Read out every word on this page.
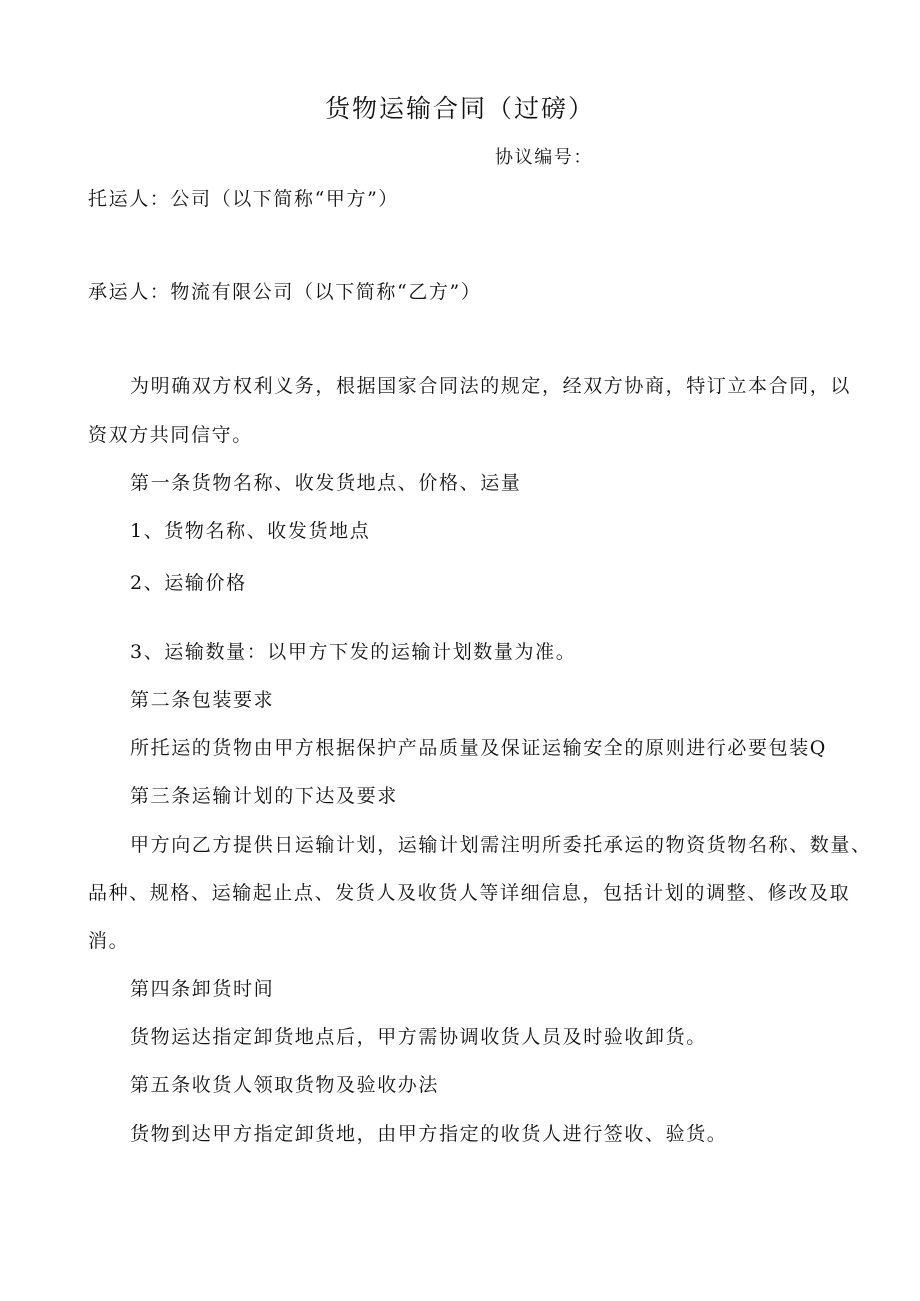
货物运输合同（过磅）
协议编号：
托运人：公司（以下简称“甲方”）
承运人：物流有限公司（以下简称“乙方”）
为明确双方权利义务，根据国家合同法的规定，经双方协商，特订立本合同，以
资双方共同信守。
第一条货物名称、收发货地点、价格、运量
1、货物名称、收发货地点
2、运输价格
3、运输数量：以甲方下发的运输计划数量为准。
第二条包装要求
所托运的货物由甲方根据保护产品质量及保证运输安全的原则进行必要包装Q
第三条运输计划的下达及要求
甲方向乙方提供日运输计划，运输计划需注明所委托承运的物资货物名称、数量、
品种、规格、运输起止点、发货人及收货人等详细信息，包括计划的调整、修改及取
消。
第四条卸货时间
货物运达指定卸货地点后，甲方需协调收货人员及时验收卸货。
第五条收货人领取货物及验收办法
货物到达甲方指定卸货地，由甲方指定的收货人进行签收、验货。
